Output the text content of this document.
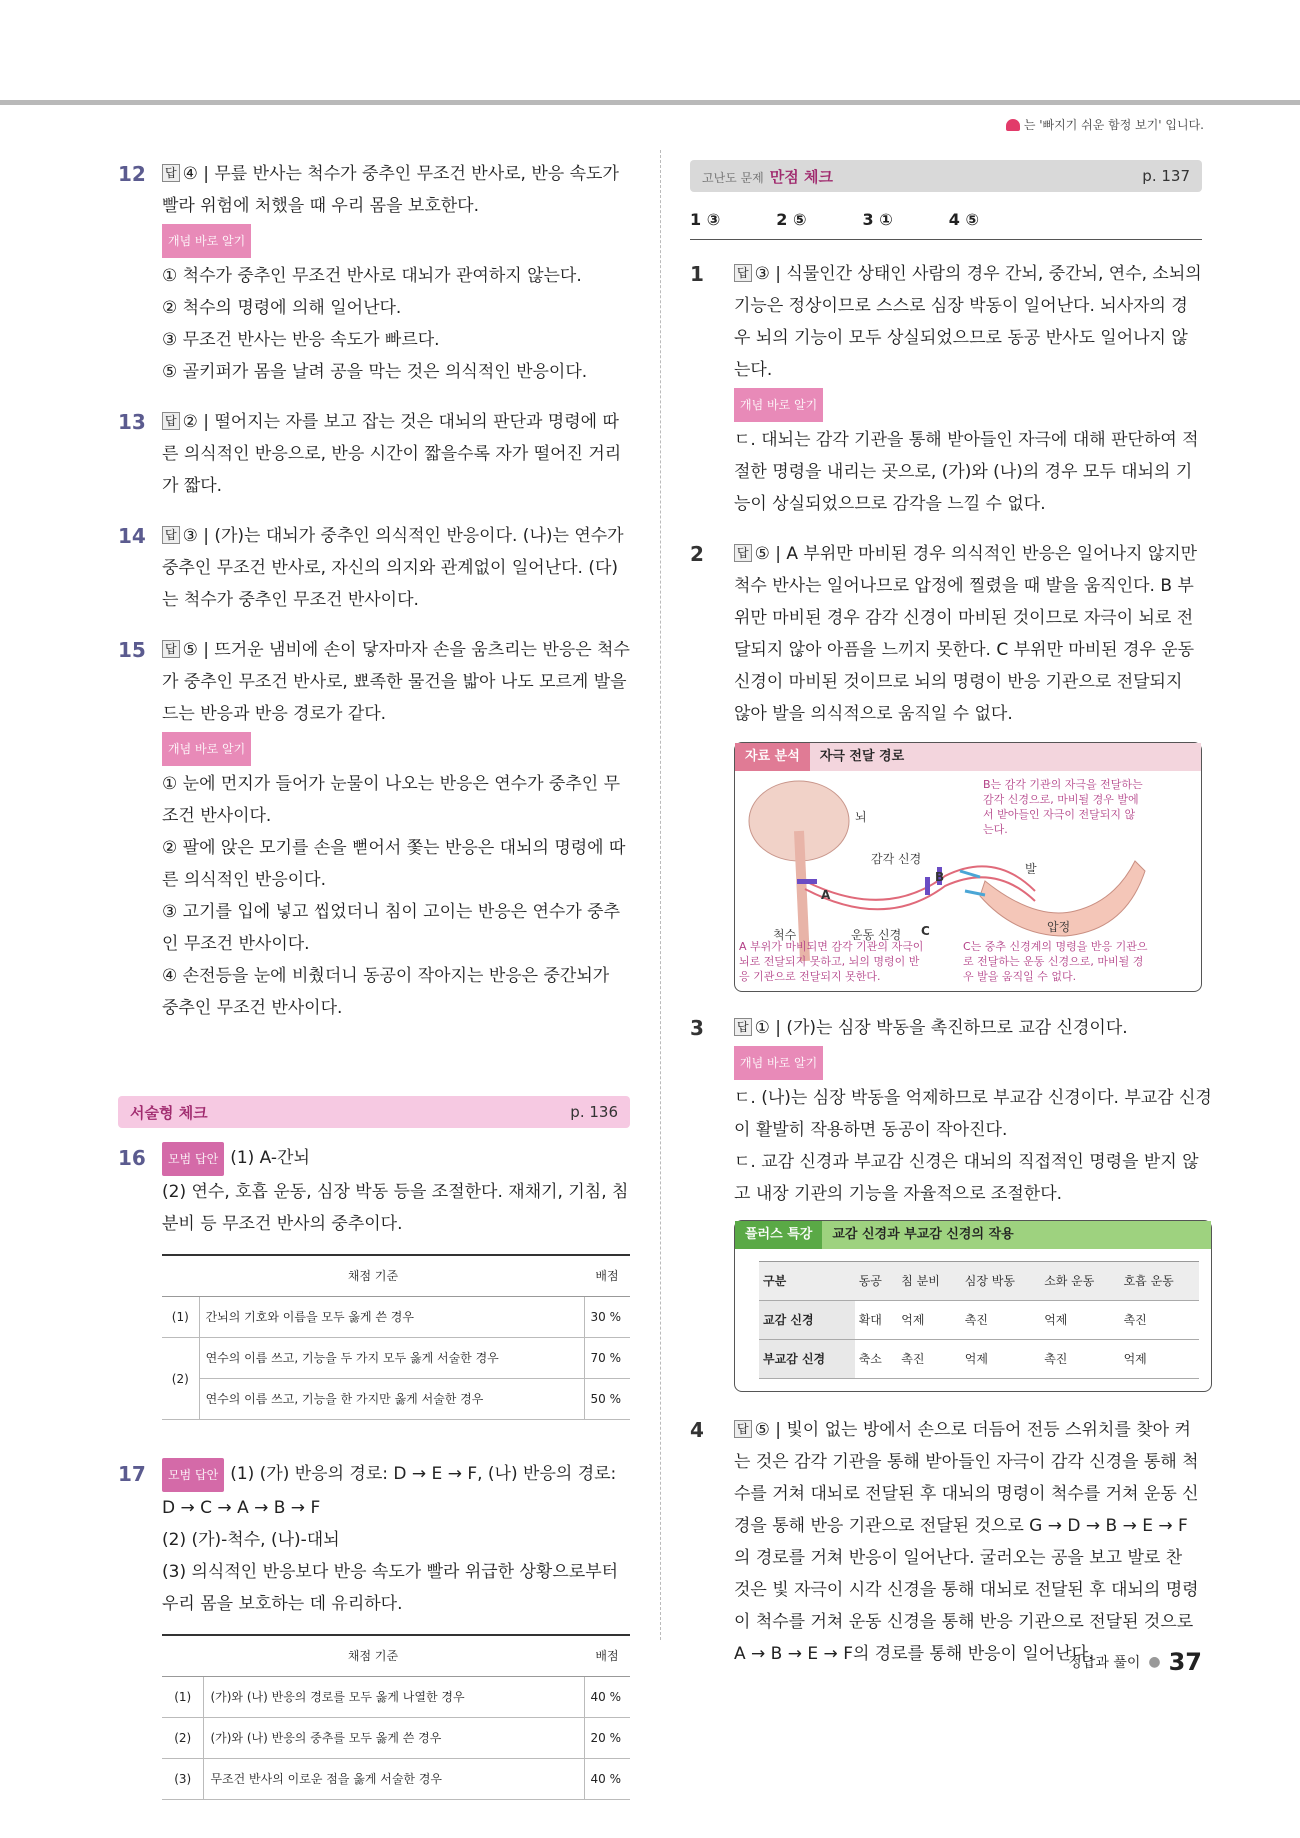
는 '빠지기 쉬운 함정 보기' 입니다.
12	답 ④ | 무릎 반사는 척수가 중추인 무조건 반사로, 반응 속도가 빨라 위험에 처했을 때 우리 몸을 보호한다.
개념 바로 알기
① 척수가 중추인 무조건 반사로 대뇌가 관여하지 않는다.
② 척수의 명령에 의해 일어난다.
③ 무조건 반사는 반응 속도가 빠르다.
⑤ 골키퍼가 몸을 날려 공을 막는 것은 의식적인 반응이다.
13	답 ② | 떨어지는 자를 보고 잡는 것은 대뇌의 판단과 명령에 따른 의식적인 반응으로, 반응 시간이 짧을수록 자가 떨어진 거리가 짧다.
14	답 ③ | (가)는 대뇌가 중추인 의식적인 반응이다. (나)는 연수가 중추인 무조건 반사로, 자신의 의지와 관계없이 일어난다. (다)는 척수가 중추인 무조건 반사이다.
15	답 ⑤ | 뜨거운 냄비에 손이 닿자마자 손을 움츠리는 반응은 척수가 중추인 무조건 반사로, 뾰족한 물건을 밟아 나도 모르게 발을 드는 반응과 반응 경로가 같다.
개념 바로 알기
① 눈에 먼지가 들어가 눈물이 나오는 반응은 연수가 중추인 무조건 반사이다.
② 팔에 앉은 모기를 손을 뻗어서 쫓는 반응은 대뇌의 명령에 따른 의식적인 반응이다.
③ 고기를 입에 넣고 씹었더니 침이 고이는 반응은 연수가 중추인 무조건 반사이다.
④ 손전등을 눈에 비췄더니 동공이 작아지는 반응은 중간뇌가 중추인 무조건 반사이다.
서술형 체크	p. 136
16	모범 답안 (1) A-간뇌
(2) 연수, 호흡 운동, 심장 박동 등을 조절한다. 재채기, 기침, 침 분비 등 무조건 반사의 중추이다.
채점 기준		배점
(1)	간뇌의 기호와 이름을 모두 옳게 쓴 경우	30 %
(2)	연수의 이름 쓰고, 기능을 두 가지 모두 옳게 서술한 경우	70 %
	연수의 이름 쓰고, 기능을 한 가지만 옳게 서술한 경우	50 %
17	모범 답안 (1) (가) 반응의 경로: D → E → F, (나) 반응의 경로: D → C → A → B → F
(2) (가)-척수, (나)-대뇌
(3) 의식적인 반응보다 반응 속도가 빨라 위급한 상황으로부터 우리 몸을 보호하는 데 유리하다.
채점 기준		배점
(1)	(가)와 (나) 반응의 경로를 모두 옳게 나열한 경우	40 %
(2)	(가)와 (나) 반응의 중추를 모두 옳게 쓴 경우	20 %
(3)	무조건 반사의 이로운 점을 옳게 서술한 경우	40 %
고난도 문제 만점 체크	p. 137
1 ③	2 ⑤	3 ①	4 ⑤
1	답 ③ | 식물인간 상태인 사람의 경우 간뇌, 중간뇌, 연수, 소뇌의 기능은 정상이므로 스스로 심장 박동이 일어난다. 뇌사자의 경우 뇌의 기능이 모두 상실되었으므로 동공 반사도 일어나지 않는다.
개념 바로 알기
ㄷ. 대뇌는 감각 기관을 통해 받아들인 자극에 대해 판단하여 적절한 명령을 내리는 곳으로, (가)와 (나)의 경우 모두 대뇌의 기능이 상실되었으므로 감각을 느낄 수 없다.
2	답 ⑤ | A 부위만 마비된 경우 의식적인 반응은 일어나지 않지만 척수 반사는 일어나므로 압정에 찔렸을 때 발을 움직인다. B 부위만 마비된 경우 감각 신경이 마비된 것이므로 자극이 뇌로 전달되지 않아 아픔을 느끼지 못한다. C 부위만 마비된 경우 운동 신경이 마비된 것이므로 뇌의 명령이 반응 기관으로 전달되지 않아 발을 의식적으로 움직일 수 없다.
자료 분석	자극 전달 경로
뇌
감각 신경
척수	운동 신경
발
압정
A
B
C
B는 감각 기관의 자극을 전달하는 감각 신경으로, 마비될 경우 발에서 받아들인 자극이 전달되지 않는다.
A 부위가 마비되면 감각 기관의 자극이 뇌로 전달되지 못하고, 뇌의 명령이 반응 기관으로 전달되지 못한다.
C는 중추 신경계의 명령을 반응 기관으로 전달하는 운동 신경으로, 마비될 경우 발을 움직일 수 없다.
3	답 ① | (가)는 심장 박동을 촉진하므로 교감 신경이다.
개념 바로 알기
ㄷ. (나)는 심장 박동을 억제하므로 부교감 신경이다. 부교감 신경이 활발히 작용하면 동공이 작아진다.
ㄷ. 교감 신경과 부교감 신경은 대뇌의 직접적인 명령을 받지 않고 내장 기관의 기능을 자율적으로 조절한다.
플러스 특강	교감 신경과 부교감 신경의 작용
구분	동공	침 분비	심장 박동	소화 운동	호흡 운동
교감 신경	확대	억제	촉진	억제	촉진
부교감 신경	축소	촉진	억제	촉진	억제
4	답 ⑤ | 빛이 없는 방에서 손으로 더듬어 전등 스위치를 찾아 켜는 것은 감각 기관을 통해 받아들인 자극이 감각 신경을 통해 척수를 거쳐 대뇌로 전달된 후 대뇌의 명령이 척수를 거쳐 운동 신경을 통해 반응 기관으로 전달된 것으로 G → D → B → E → F의 경로를 거쳐 반응이 일어난다. 굴러오는 공을 보고 발로 찬 것은 빛 자극이 시각 신경을 통해 대뇌로 전달된 후 대뇌의 명령이 척수를 거쳐 운동 신경을 통해 반응 기관으로 전달된 것으로 A → B → E → F의 경로를 통해 반응이 일어난다.
정답과 풀이 ● 37
